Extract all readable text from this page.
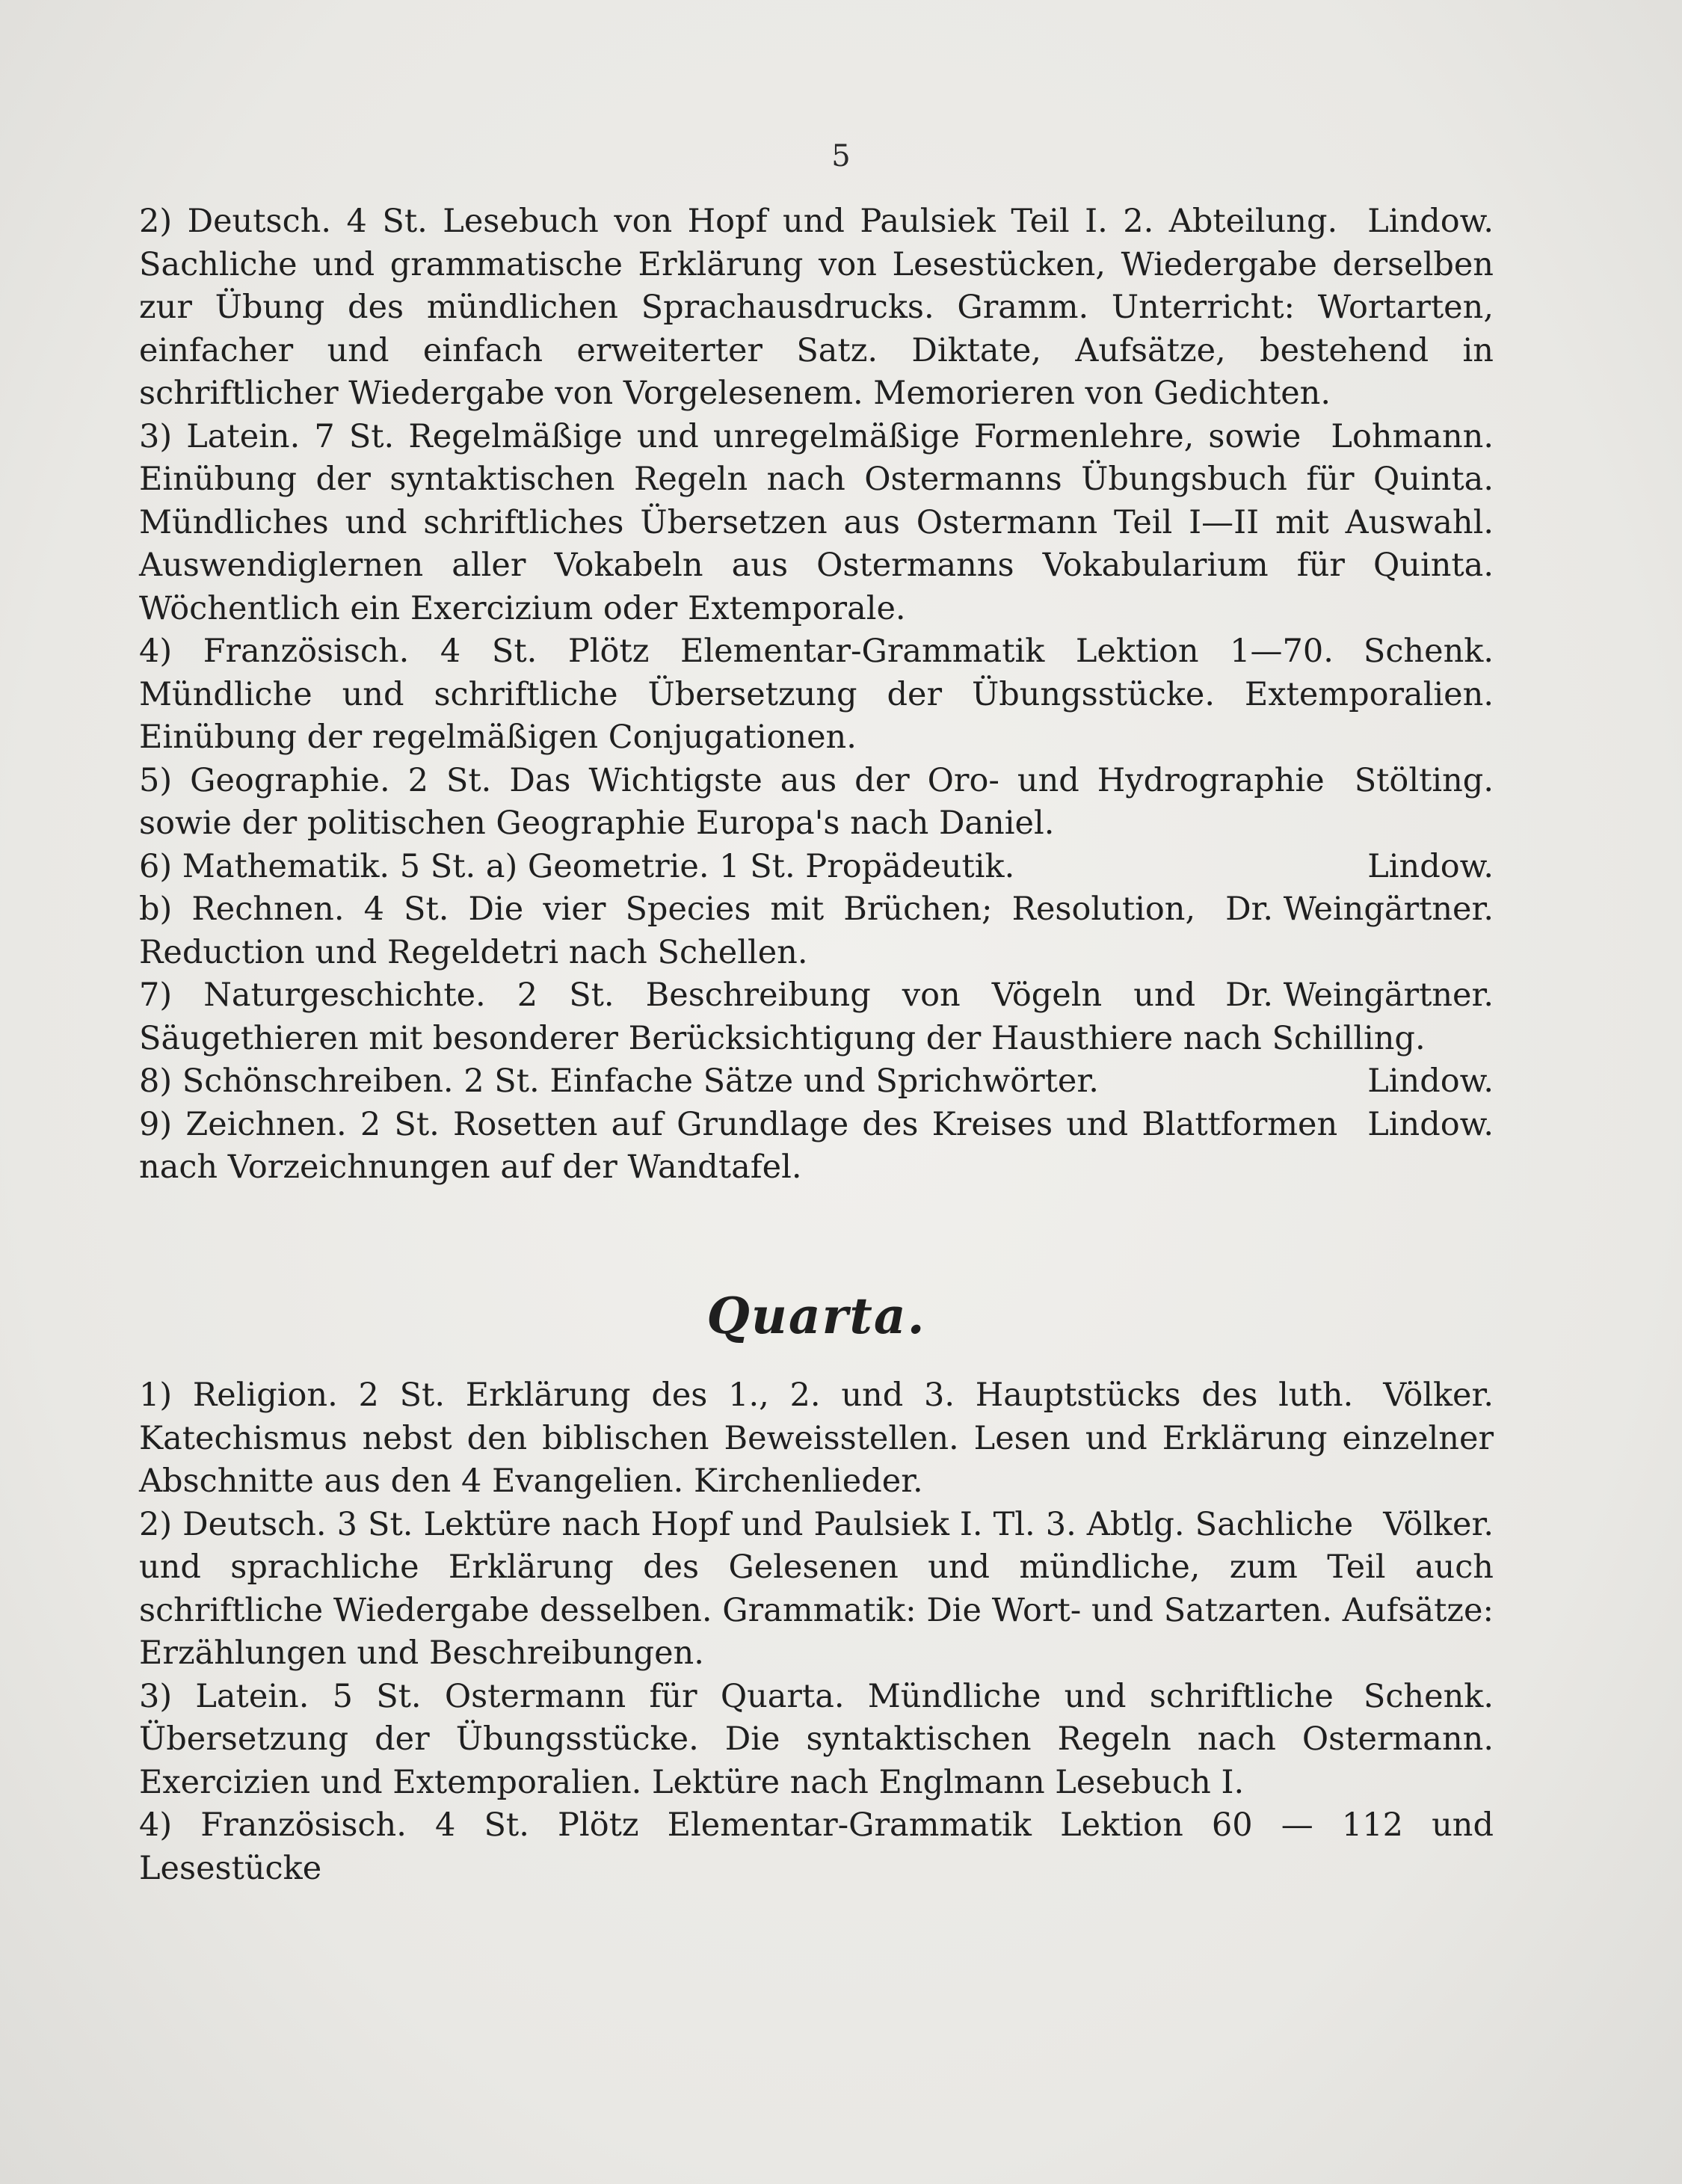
5

Lindow.
2) Deutsch. 4 St. Lesebuch von Hopf und Paulsiek Teil I. 2. Abteilung. Sachliche und grammatische Erklärung von Lesestücken, Wiedergabe derselben zur Übung des mündlichen Sprachausdrucks. Gramm. Unterricht: Wortarten, einfacher und einfach erweiterter Satz. Diktate, Aufsätze, bestehend in schriftlicher Wiedergabe von Vorgelesenem. Memorieren von Gedichten.

Lohmann.
3) Latein. 7 St. Regelmäßige und unregelmäßige Formenlehre, sowie Einübung der syntaktischen Regeln nach Ostermanns Übungsbuch für Quinta. Mündliches und schriftliches Übersetzen aus Ostermann Teil I—II mit Auswahl. Auswendiglernen aller Vokabeln aus Ostermanns Vokabularium für Quinta. Wöchentlich ein Exercizium oder Extemporale.

Schenk.
4) Französisch. 4 St. Plötz Elementar-Grammatik Lektion 1—70. Mündliche und schriftliche Übersetzung der Übungsstücke. Extemporalien. Einübung der regelmäßigen Conjugationen.

Stölting.
5) Geographie. 2 St. Das Wichtigste aus der Oro- und Hydrographie sowie der politischen Geographie Europa's nach Daniel.

Lindow.
6) Mathematik. 5 St. a) Geometrie. 1 St. Propädeutik.

Dr. Weingärtner.
b) Rechnen. 4 St. Die vier Species mit Brüchen; Resolution, Reduction und Regeldetri nach Schellen.

Dr. Weingärtner.
7) Naturgeschichte. 2 St. Beschreibung von Vögeln und Säugethieren mit besonderer Berücksichtigung der Hausthiere nach Schilling.

Lindow.
8) Schönschreiben. 2 St. Einfache Sätze und Sprichwörter.

Lindow.
9) Zeichnen. 2 St. Rosetten auf Grundlage des Kreises und Blattformen nach Vorzeichnungen auf der Wandtafel.

Quarta.

Völker.
1) Religion. 2 St. Erklärung des 1., 2. und 3. Hauptstücks des luth. Katechismus nebst den biblischen Beweisstellen. Lesen und Erklärung einzelner Abschnitte aus den 4 Evangelien. Kirchenlieder.

Völker.
2) Deutsch. 3 St. Lektüre nach Hopf und Paulsiek I. Tl. 3. Abtlg. Sachliche und sprachliche Erklärung des Gelesenen und mündliche, zum Teil auch schriftliche Wiedergabe desselben. Grammatik: Die Wort- und Satzarten. Aufsätze: Erzählungen und Beschreibungen.

Schenk.
3) Latein. 5 St. Ostermann für Quarta. Mündliche und schriftliche Übersetzung der Übungsstücke. Die syntaktischen Regeln nach Ostermann. Exercizien und Extemporalien. Lektüre nach Englmann Lesebuch I.

4) Französisch. 4 St. Plötz Elementar-Grammatik Lektion 60 — 112 und Lesestücke
